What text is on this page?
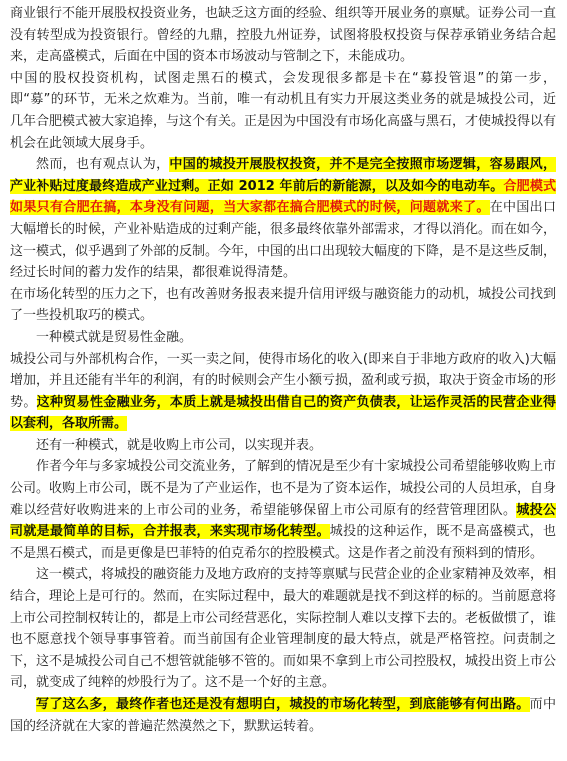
商业银行不能开展股权投资业务，也缺乏这方面的经验、组织等开展业务的禀赋。证券公司一直没有转型成为投资银行。曾经的九鼎，控股九州证券，试图将股权投资与保荐承销业务结合起来，走高盛模式，后面在中国的资本市场波动与管制之下，未能成功。

中国的股权投资机构，试图走黑石的模式，会发现很多都是卡在“募投管退”的第一步，即“募”的环节，无米之炊难为。当前，唯一有动机且有实力开展这类业务的就是城投公司，近几年合肥模式被大家追捧，与这个有关。正是因为中国没有市场化高盛与黑石，才使城投得以有机会在此领域大展身手。

然而，也有观点认为，中国的城投开展股权投资，并不是完全按照市场逻辑，容易跟风，产业补贴过度最终造成产业过剩。正如 2012 年前后的新能源，以及如今的电动车。合肥模式如果只有合肥在搞，本身没有问题，当大家都在搞合肥模式的时候，问题就来了。在中国出口大幅增长的时候，产业补贴造成的过剩产能，很多最终依靠外部需求，才得以消化。而在如今，这一模式，似乎遇到了外部的反制。今年，中国的出口出现较大幅度的下降，是不是这些反制，经过长时间的蓄力发作的结果，都很难说得清楚。

在市场化转型的压力之下，也有改善财务报表来提升信用评级与融资能力的动机，城投公司找到了一些投机取巧的模式。

一种模式就是贸易性金融。

城投公司与外部机构合作，一买一卖之间，使得市场化的收入(即来自于非地方政府的收入)大幅增加，并且还能有半年的利润，有的时候则会产生小额亏损，盈利或亏损，取决于资金市场的形势。这种贸易性金融业务，本质上就是城投出借自己的资产负债表，让运作灵活的民营企业得以套利，各取所需。

还有一种模式，就是收购上市公司，以实现并表。

作者今年与多家城投公司交流业务，了解到的情况是至少有十家城投公司希望能够收购上市公司。收购上市公司，既不是为了产业运作，也不是为了资本运作，城投公司的人员坦承，自身难以经营好收购进来的上市公司的业务，希望能够保留上市公司原有的经营管理团队。城投公司就是最简单的目标，合并报表，来实现市场化转型。城投的这种运作，既不是高盛模式，也不是黑石模式，而是更像是巴菲特的伯克希尔的控股模式。这是作者之前没有预料到的情形。

这一模式，将城投的融资能力及地方政府的支持等禀赋与民营企业的企业家精神及效率，相结合，理论上是可行的。然而，在实际过程中，最大的难题就是找不到这样的标的。当前愿意将上市公司控制权转让的，都是上市公司经营恶化，实际控制人难以支撑下去的。老板做惯了，谁也不愿意找个领导事事管着。而当前国有企业管理制度的最大特点，就是严格管控。问责制之下，这不是城投公司自己不想管就能够不管的。而如果不拿到上市公司控股权，城投出资上市公司，就变成了纯粹的炒股行为了。这不是一个好的主意。

写了这么多，最终作者也还是没有想明白，城投的市场化转型，到底能够有何出路。而中国的经济就在大家的普遍茫然漠然之下，默默运转着。
